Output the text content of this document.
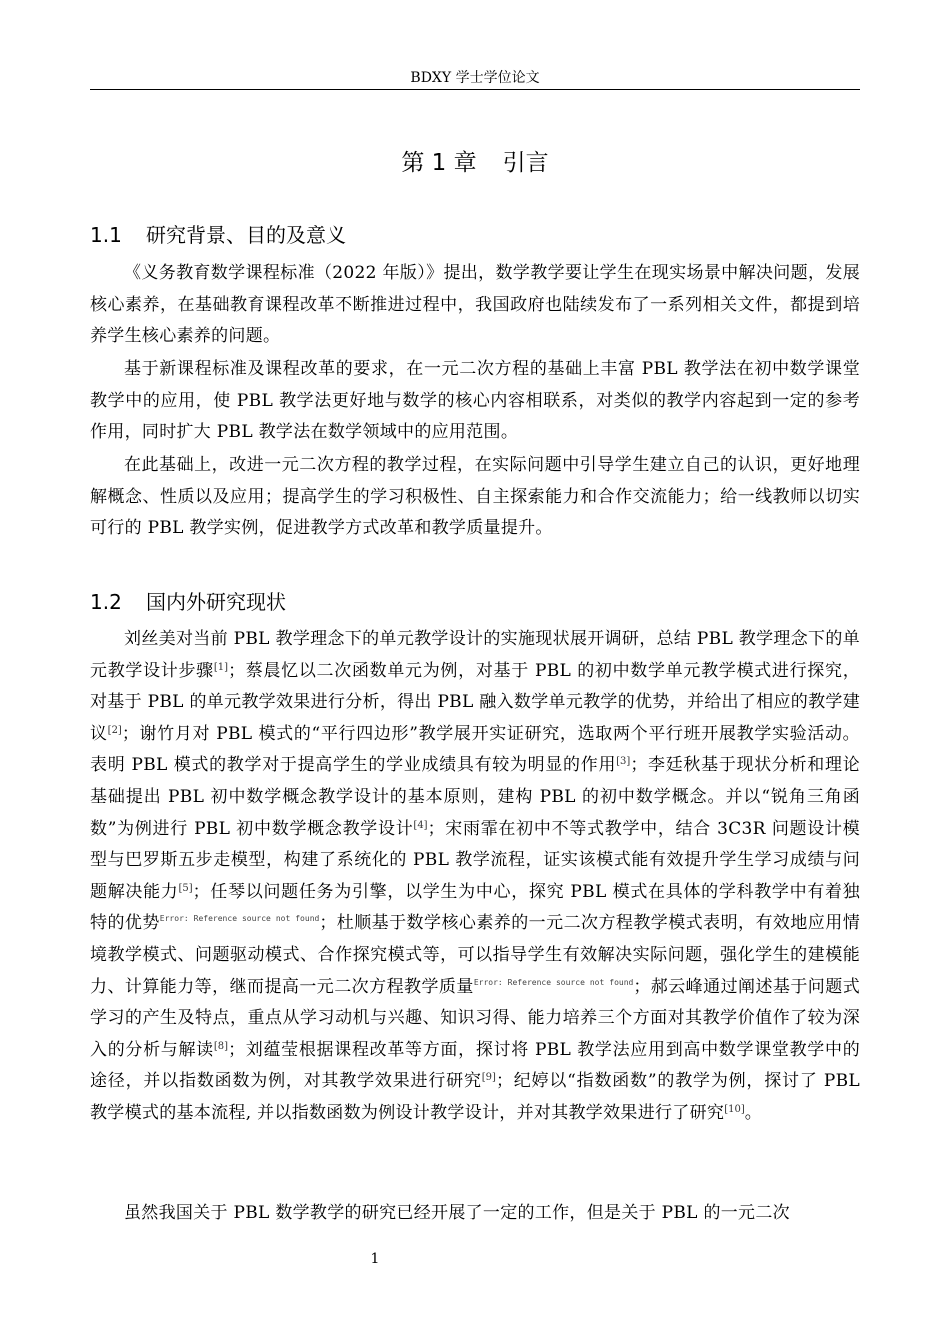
BDXY 学士学位论文
第 1 章 引言
1.1 研究背景、目的及意义

《义务教育数学课程标准（2022 年版）》提出，数学教学要让学生在现实场景中解决问题，发展核心素养，在基础教育课程改革不断推进过程中，我国政府也陆续发布了一系列相关文件，都提到培养学生核心素养的问题。

基于新课程标准及课程改革的要求，在一元二次方程的基础上丰富 PBL 教学法在初中数学课堂教学中的应用，使 PBL 教学法更好地与数学的核心内容相联系，对类似的教学内容起到一定的参考作用，同时扩大 PBL 教学法在数学领域中的应用范围。

在此基础上，改进一元二次方程的教学过程，在实际问题中引导学生建立自己的认识，更好地理解概念、性质以及应用；提高学生的学习积极性、自主探索能力和合作交流能力；给一线教师以切实可行的 PBL 教学实例，促进教学方式改革和教学质量提升。

1.2 国内外研究现状

刘丝美对当前 PBL 教学理念下的单元教学设计的实施现状展开调研，总结 PBL 教学理念下的单元教学设计步骤[1]；蔡晨忆以二次函数单元为例，对基于 PBL 的初中数学单元教学模式进行探究，对基于 PBL 的单元教学效果进行分析，得出 PBL 融入数学单元教学的优势，并给出了相应的教学建议[2]；谢竹月对 PBL 模式的“平行四边形”教学展开实证研究，选取两个平行班开展教学实验活动。表明 PBL 模式的教学对于提高学生的学业成绩具有较为明显的作用[3]；李廷秋基于现状分析和理论基础提出 PBL 初中数学概念教学设计的基本原则，建构 PBL 的初中数学概念。并以“锐角三角函数”为例进行 PBL 初中数学概念教学设计[4]；宋雨霏在初中不等式教学中，结合 3C3R 问题设计模型与巴罗斯五步走模型，构建了系统化的 PBL 教学流程，证实该模式能有效提升学生学习成绩与问题解决能力[5]；任琴以问题任务为引擎，以学生为中心，探究 PBL 模式在具体的学科教学中有着独特的优势$^{Error: Reference source not found}$；杜顺基于数学核心素养的一元二次方程教学模式表明，有效地应用情境教学模式、问题驱动模式、合作探究模式等，可以指导学生有效解决实际问题，强化学生的建模能力、计算能力等，继而提高一元二次方程教学质量$^{Error: Reference source not found}$；郝云峰通过阐述基于问题式学习的产生及特点，重点从学习动机与兴趣、知识习得、能力培养三个方面对其教学价值作了较为深入的分析与解读[8]；刘蕴莹根据课程改革等方面，探讨将 PBL 教学法应用到高中数学课堂教学中的途径，并以指数函数为例，对其教学效果进行研究[9]；纪婷以“指数函数”的教学为例，探讨了 PBL 教学模式的基本流程, 并以指数函数为例设计教学设计，并对其教学效果进行了研究[10]。

虽然我国关于 PBL 数学教学的研究已经开展了一定的工作，但是关于 PBL 的一元二次

1
